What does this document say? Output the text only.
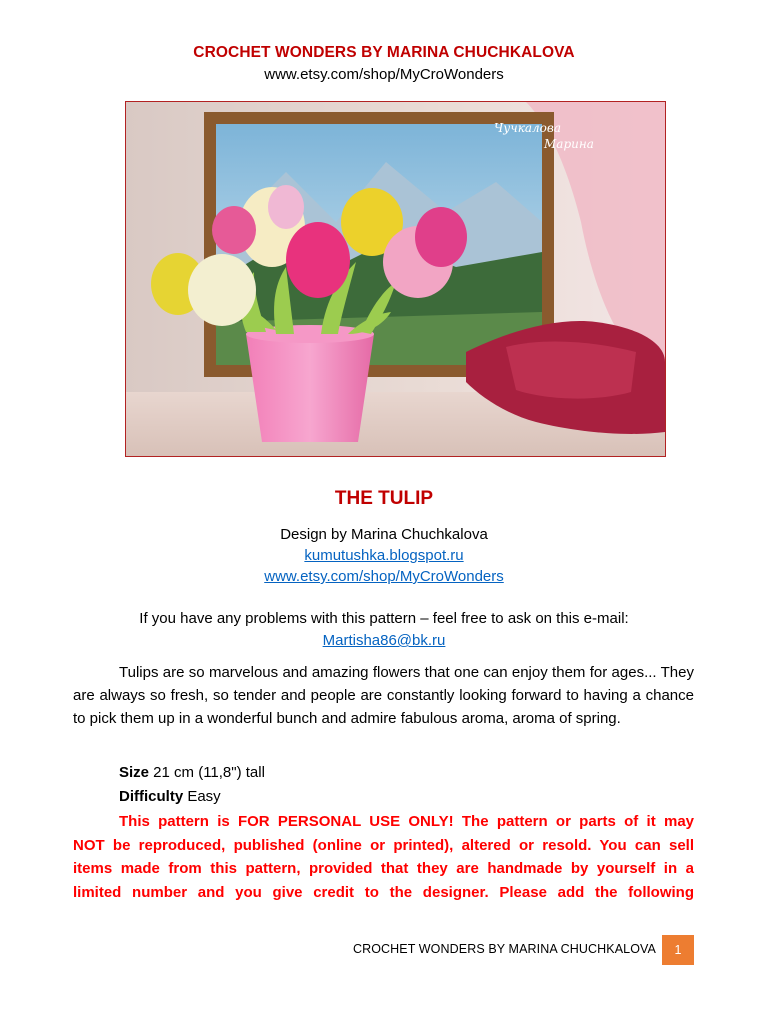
CROCHET WONDERS BY MARINA CHUCHKALOVA
www.etsy.com/shop/MyCroWonders
Чучкалова
Марина
THE TULIP
Design by Marina Chuchkalova
kumutushka.blogspot.ru
www.etsy.com/shop/MyCroWonders
If you have any problems with this pattern – feel free to ask on this e-mail:
Martisha86@bk.ru
Tulips are so marvelous and amazing flowers that one can enjoy them for ages... They are always so fresh, so tender and people are constantly looking forward to having a chance to pick them up in a wonderful bunch and admire fabulous aroma, aroma of spring.
Size 21 cm (11,8") tall
Difficulty Easy
This pattern is FOR PERSONAL USE ONLY! The pattern or parts of it may
NOT be reproduced, published (online or printed), altered or resold. You can sell
items made from this pattern, provided that they are handmade by yourself in a
limited number and you give credit to the designer. Please add the following
CROCHET WONDERS BY MARINA CHUCHKALOVA	1
